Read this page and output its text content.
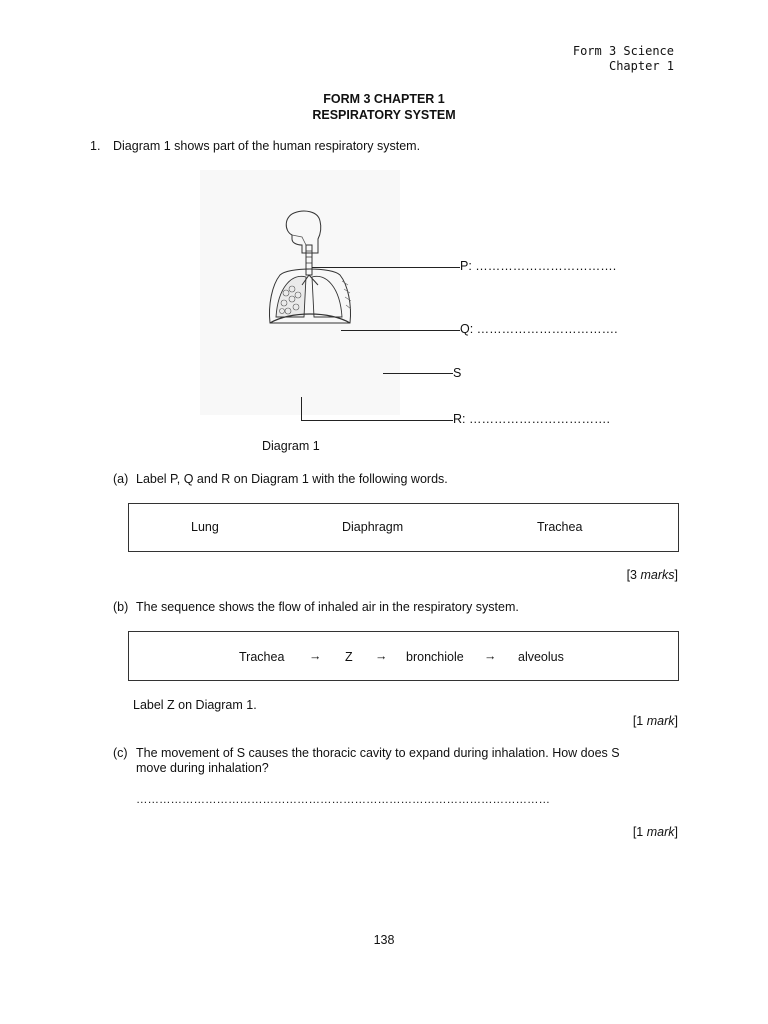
Form 3 Science
Chapter 1
FORM 3 CHAPTER 1
RESPIRATORY SYSTEM
1. Diagram 1 shows part of the human respiratory system.
P: …………………………….
Q: …………………………….
S
R: …………………………….
Diagram 1
(a) Label P, Q and R on Diagram 1 with the following words.
Lung	Diaphragm	Trachea
[3 marks]
(b) The sequence shows the flow of inhaled air in the respiratory system.
Trachea → Z → bronchiole → alveolus
Label Z on Diagram 1.
[1 mark]
(c) The movement of S causes the thoracic cavity to expand during inhalation. How does S
move during inhalation?
………………………………………………………………………………………………
[1 mark]
138
